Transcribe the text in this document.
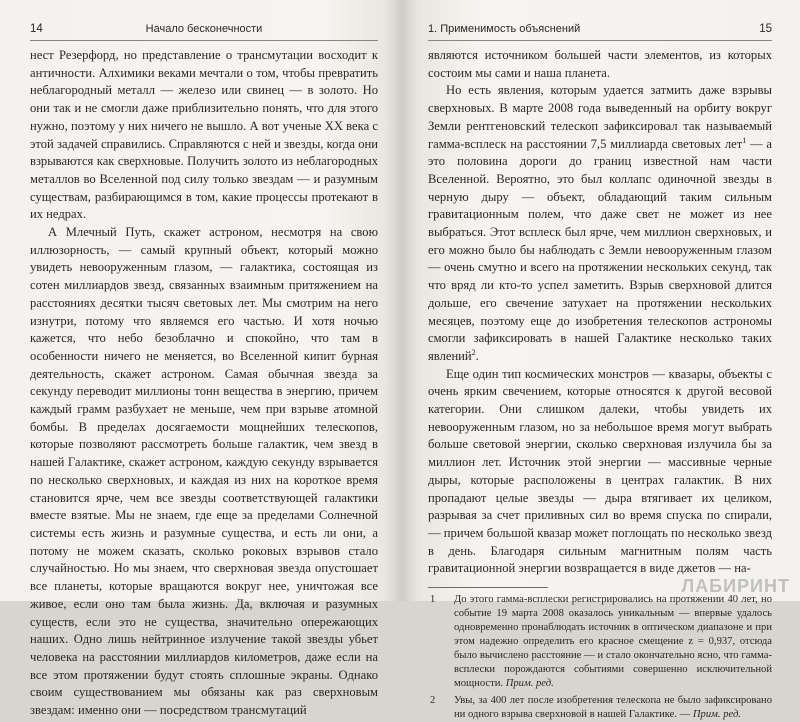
14	Начало бесконечности

нест Резерфорд, но представление о трансмутации восходит к античности. Алхимики веками мечтали о том, чтобы превратить неблагородный металл — железо или свинец — в золото. Но они так и не смогли даже приблизительно понять, что для этого нужно, поэтому у них ничего не вышло. А вот ученые XX века с этой задачей справились. Справляются с ней и звезды, когда они взрываются как сверхновые. Получить золото из неблагородных металлов во Вселенной под силу только звездам — и разумным существам, разбирающимся в том, какие процессы протекают в их недрах.

А Млечный Путь, скажет астроном, несмотря на свою иллюзорность, — самый крупный объект, который можно увидеть невооруженным глазом, — галактика, состоящая из сотен миллиардов звезд, связанных взаимным притяжением на расстояниях десятки тысяч световых лет. Мы смотрим на него изнутри, потому что являемся его частью. И хотя ночью кажется, что небо безоблачно и спокойно, что там в особенности ничего не меняется, во Вселенной кипит бурная деятельность, скажет астроном. Самая обычная звезда за секунду переводит миллионы тонн вещества в энергию, причем каждый грамм разбухает не меньше, чем при взрыве атомной бомбы. В пределах досягаемости мощнейших телескопов, которые позволяют рассмотреть больше галактик, чем звезд в нашей Галактике, скажет астроном, каждую секунду взрывается по несколько сверхновых, и каждая из них на короткое время становится ярче, чем все звезды соответствующей галактики вместе взятые. Мы не знаем, где еще за пределами Солнечной системы есть жизнь и разумные существа, и есть ли они, а потому не можем сказать, сколько роковых взрывов стало случайностью. Но мы знаем, что сверхновая звезда опустошает все планеты, которые вращаются вокруг нее, уничтожая все живое, если оно там была жизнь. Да, включая и разумных существ, если это не существа, значительно опережающих наших. Одно лишь нейтринное излучение такой звезды убьет человека на расстоянии миллиардов километров, даже если на все этом протяжении будут стоять сплошные экраны. Однако своим существованием мы обязаны как раз сверхновым звездам: именно они — посредством трансмутаций

1. Применимость объяснений	15

являются источником большей части элементов, из которых состоим мы сами и наша планета.

Но есть явления, которым удается затмить даже взрывы сверхновых. В марте 2008 года выведенный на орбиту вокруг Земли рентгеновский телескоп зафиксировал так называемый гамма-всплеск на расстоянии 7,5 миллиарда световых лет$^1$ — а это половина дороги до границ известной нам части Вселенной. Вероятно, это был коллапс одиночной звезды в черную дыру — объект, обладающий таким сильным гравитационным полем, что даже свет не может из нее выбраться. Этот всплеск был ярче, чем миллион сверхновых, и его можно было бы наблюдать с Земли невооруженным глазом — очень смутно и всего на протяжении нескольких секунд, так что вряд ли кто-то успел заметить. Взрыв сверхновой длится дольше, его свечение затухает на протяжении нескольких месяцев, поэтому еще до изобретения телескопов астрономы смогли зафиксировать в нашей Галактике несколько таких явлений$^2$.

Еще один тип космических монстров — квазары, объекты с очень ярким свечением, которые относятся к другой весовой категории. Они слишком далеки, чтобы увидеть их невооруженным глазом, но за небольшое время могут выбрать больше световой энергии, сколько сверхновая излучила бы за миллион лет. Источник этой энергии — массивные черные дыры, которые расположены в центрах галактик. В них пропадают целые звезды — дыра втягивает их целиком, разрывая за счет приливных сил во время спуска по спирали, — причем большой квазар может поглощать по несколько звезд в день. Благодаря сильным магнитным полям часть гравитационной энергии возвращается в виде джетов — на-

1 До этого гамма-всплески регистрировались на протяжении 40 лет, но событие 19 марта 2008 оказалось уникальным — впервые удалось одновременно пронаблюдать источник в оптическом диапазоне и при этом надежно определить его красное смещение z = 0,937, отсюда было вычислено расстояние — и стало окончательно ясно, что гамма-всплески порождаются событиями совершенно исключительной мощности. Прим. ред.
2 Увы, за 400 лет после изобретения телескопа не было зафиксировано ни одного взрыва сверхновой в нашей Галактике. — Прим. ред.
ЛАБИРИНТ
